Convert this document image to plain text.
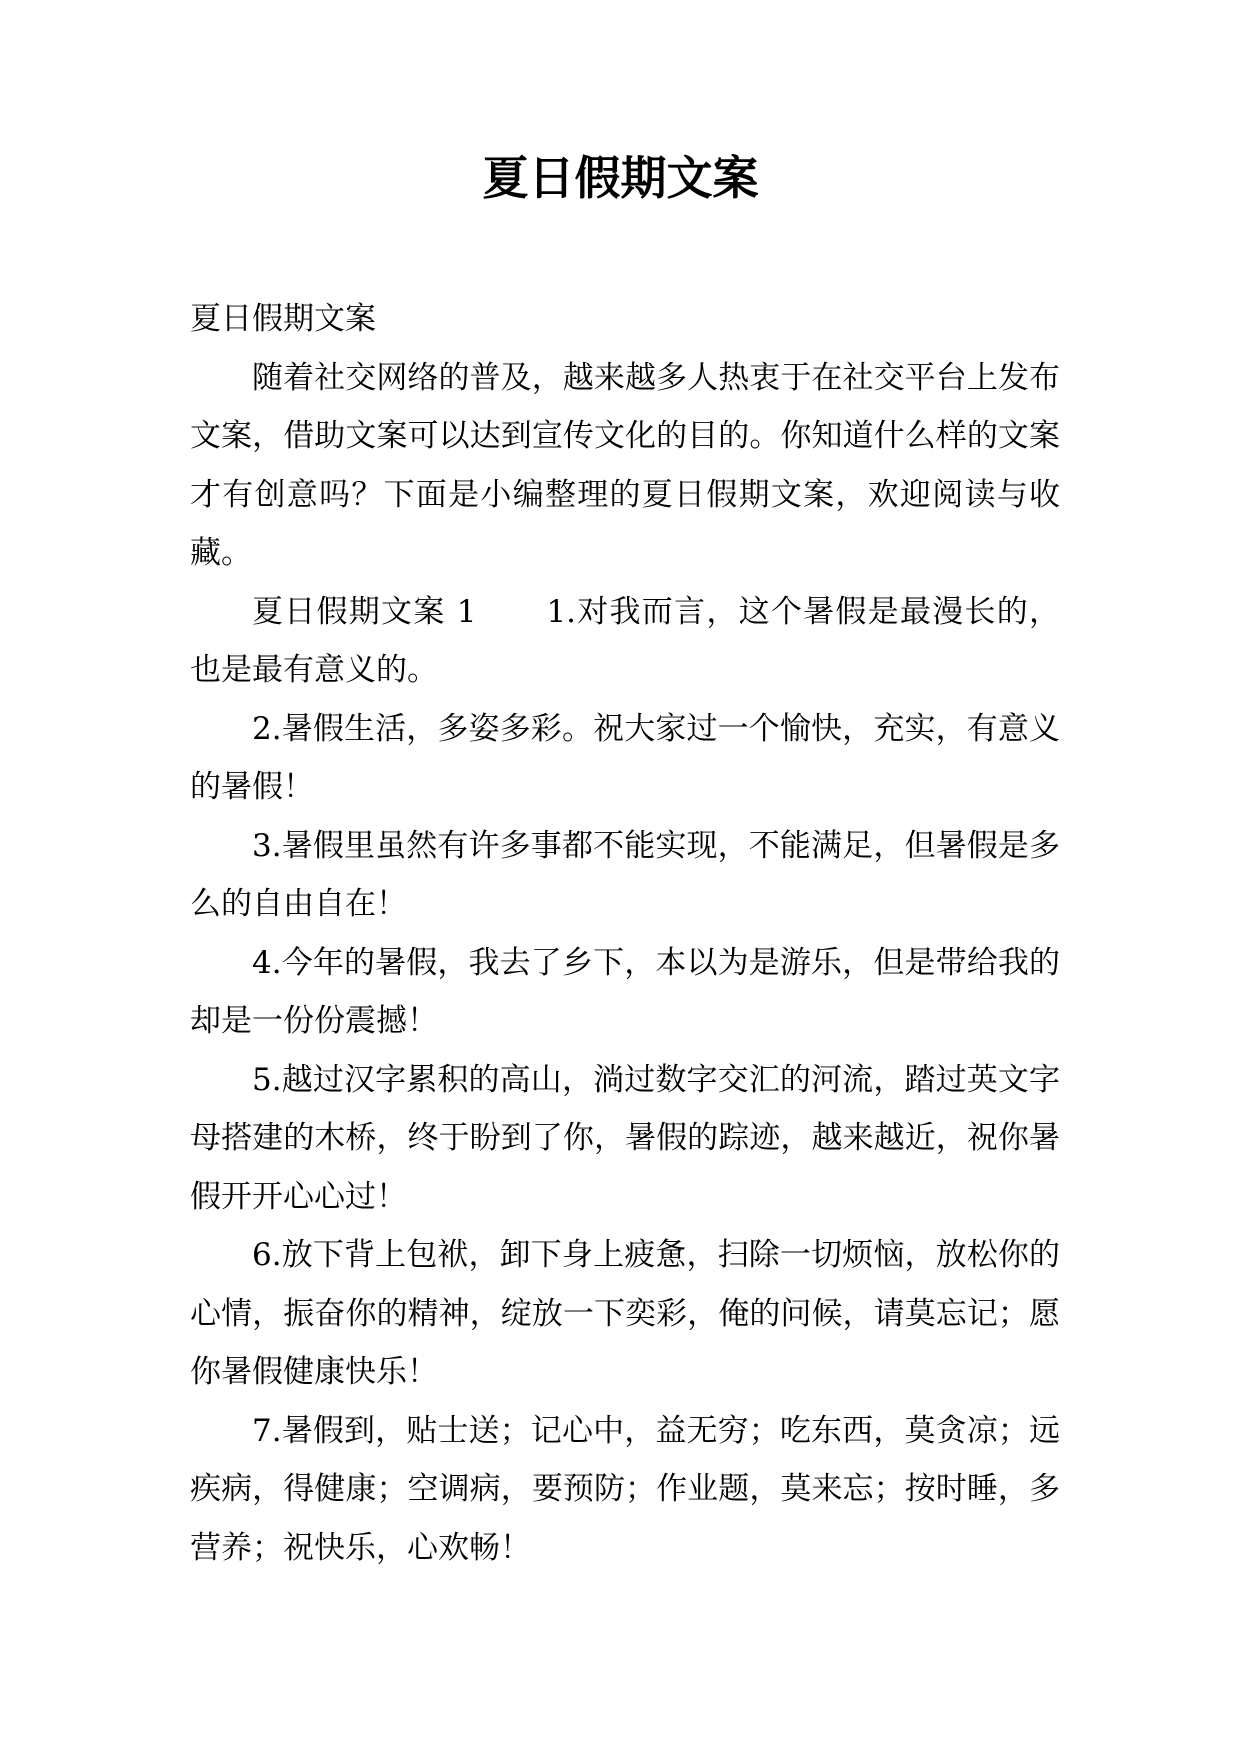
夏日假期文案

夏日假期文案

随着社交网络的普及，越来越多人热衷于在社交平台上发布文案，借助文案可以达到宣传文化的目的。你知道什么样的文案才有创意吗？下面是小编整理的夏日假期文案，欢迎阅读与收藏。

夏日假期文案 1 1.对我而言，这个暑假是最漫长的，也是最有意义的。

2.暑假生活，多姿多彩。祝大家过一个愉快，充实，有意义的暑假！

3.暑假里虽然有许多事都不能实现，不能满足，但暑假是多么的自由自在！

4.今年的暑假，我去了乡下，本以为是游乐，但是带给我的却是一份份震撼！

5.越过汉字累积的高山，淌过数字交汇的河流，踏过英文字母搭建的木桥，终于盼到了你，暑假的踪迹，越来越近，祝你暑假开开心心过！

6.放下背上包袱，卸下身上疲惫，扫除一切烦恼，放松你的心情，振奋你的精神，绽放一下奕彩，俺的问候，请莫忘记；愿你暑假健康快乐！

7.暑假到，贴士送；记心中，益无穷；吃东西，莫贪凉；远疾病，得健康；空调病，要预防；作业题，莫来忘；按时睡，多营养；祝快乐，心欢畅！
